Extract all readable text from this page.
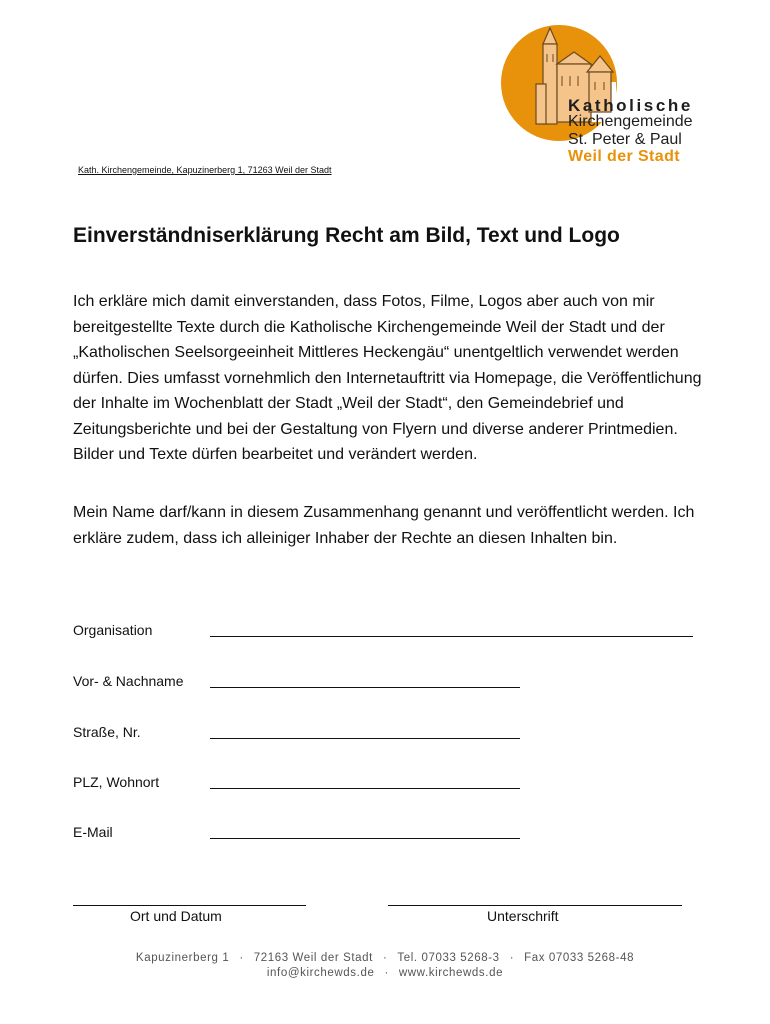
Katholische
Kirchengemeinde
St. Peter & Paul
Weil der Stadt
Kath. Kirchengemeinde, Kapuzinerberg 1, 71263 Weil der Stadt
Einverständniserklärung Recht am Bild, Text und Logo

Ich erkläre mich damit einverstanden, dass Fotos, Filme, Logos aber auch von mir bereitgestellte Texte durch die Katholische Kirchengemeinde Weil der Stadt und der „Katholischen Seelsorgeeinheit Mittleres Heckengäu“ unentgeltlich verwendet werden dürfen. Dies umfasst vornehmlich den Internetauftritt via Homepage, die Veröffentlichung der Inhalte im Wochenblatt der Stadt „Weil der Stadt“, den Gemeindebrief und Zeitungsberichte und bei der Gestaltung von Flyern und diverse anderer Printmedien. Bilder und Texte dürfen bearbeitet und verändert werden.

Mein Name darf/kann in diesem Zusammenhang genannt und veröffentlicht werden. Ich erkläre zudem, dass ich alleiniger Inhaber der Rechte an diesen Inhalten bin.

Organisation
Vor- & Nachname
Straße, Nr.
PLZ, Wohnort
E-Mail
Ort und Datum	Unterschrift
Kapuzinerberg 1 · 72163 Weil der Stadt · Tel. 07033 5268-3 · Fax 07033 5268-48
info@kirchewds.de · www.kirchewds.de
